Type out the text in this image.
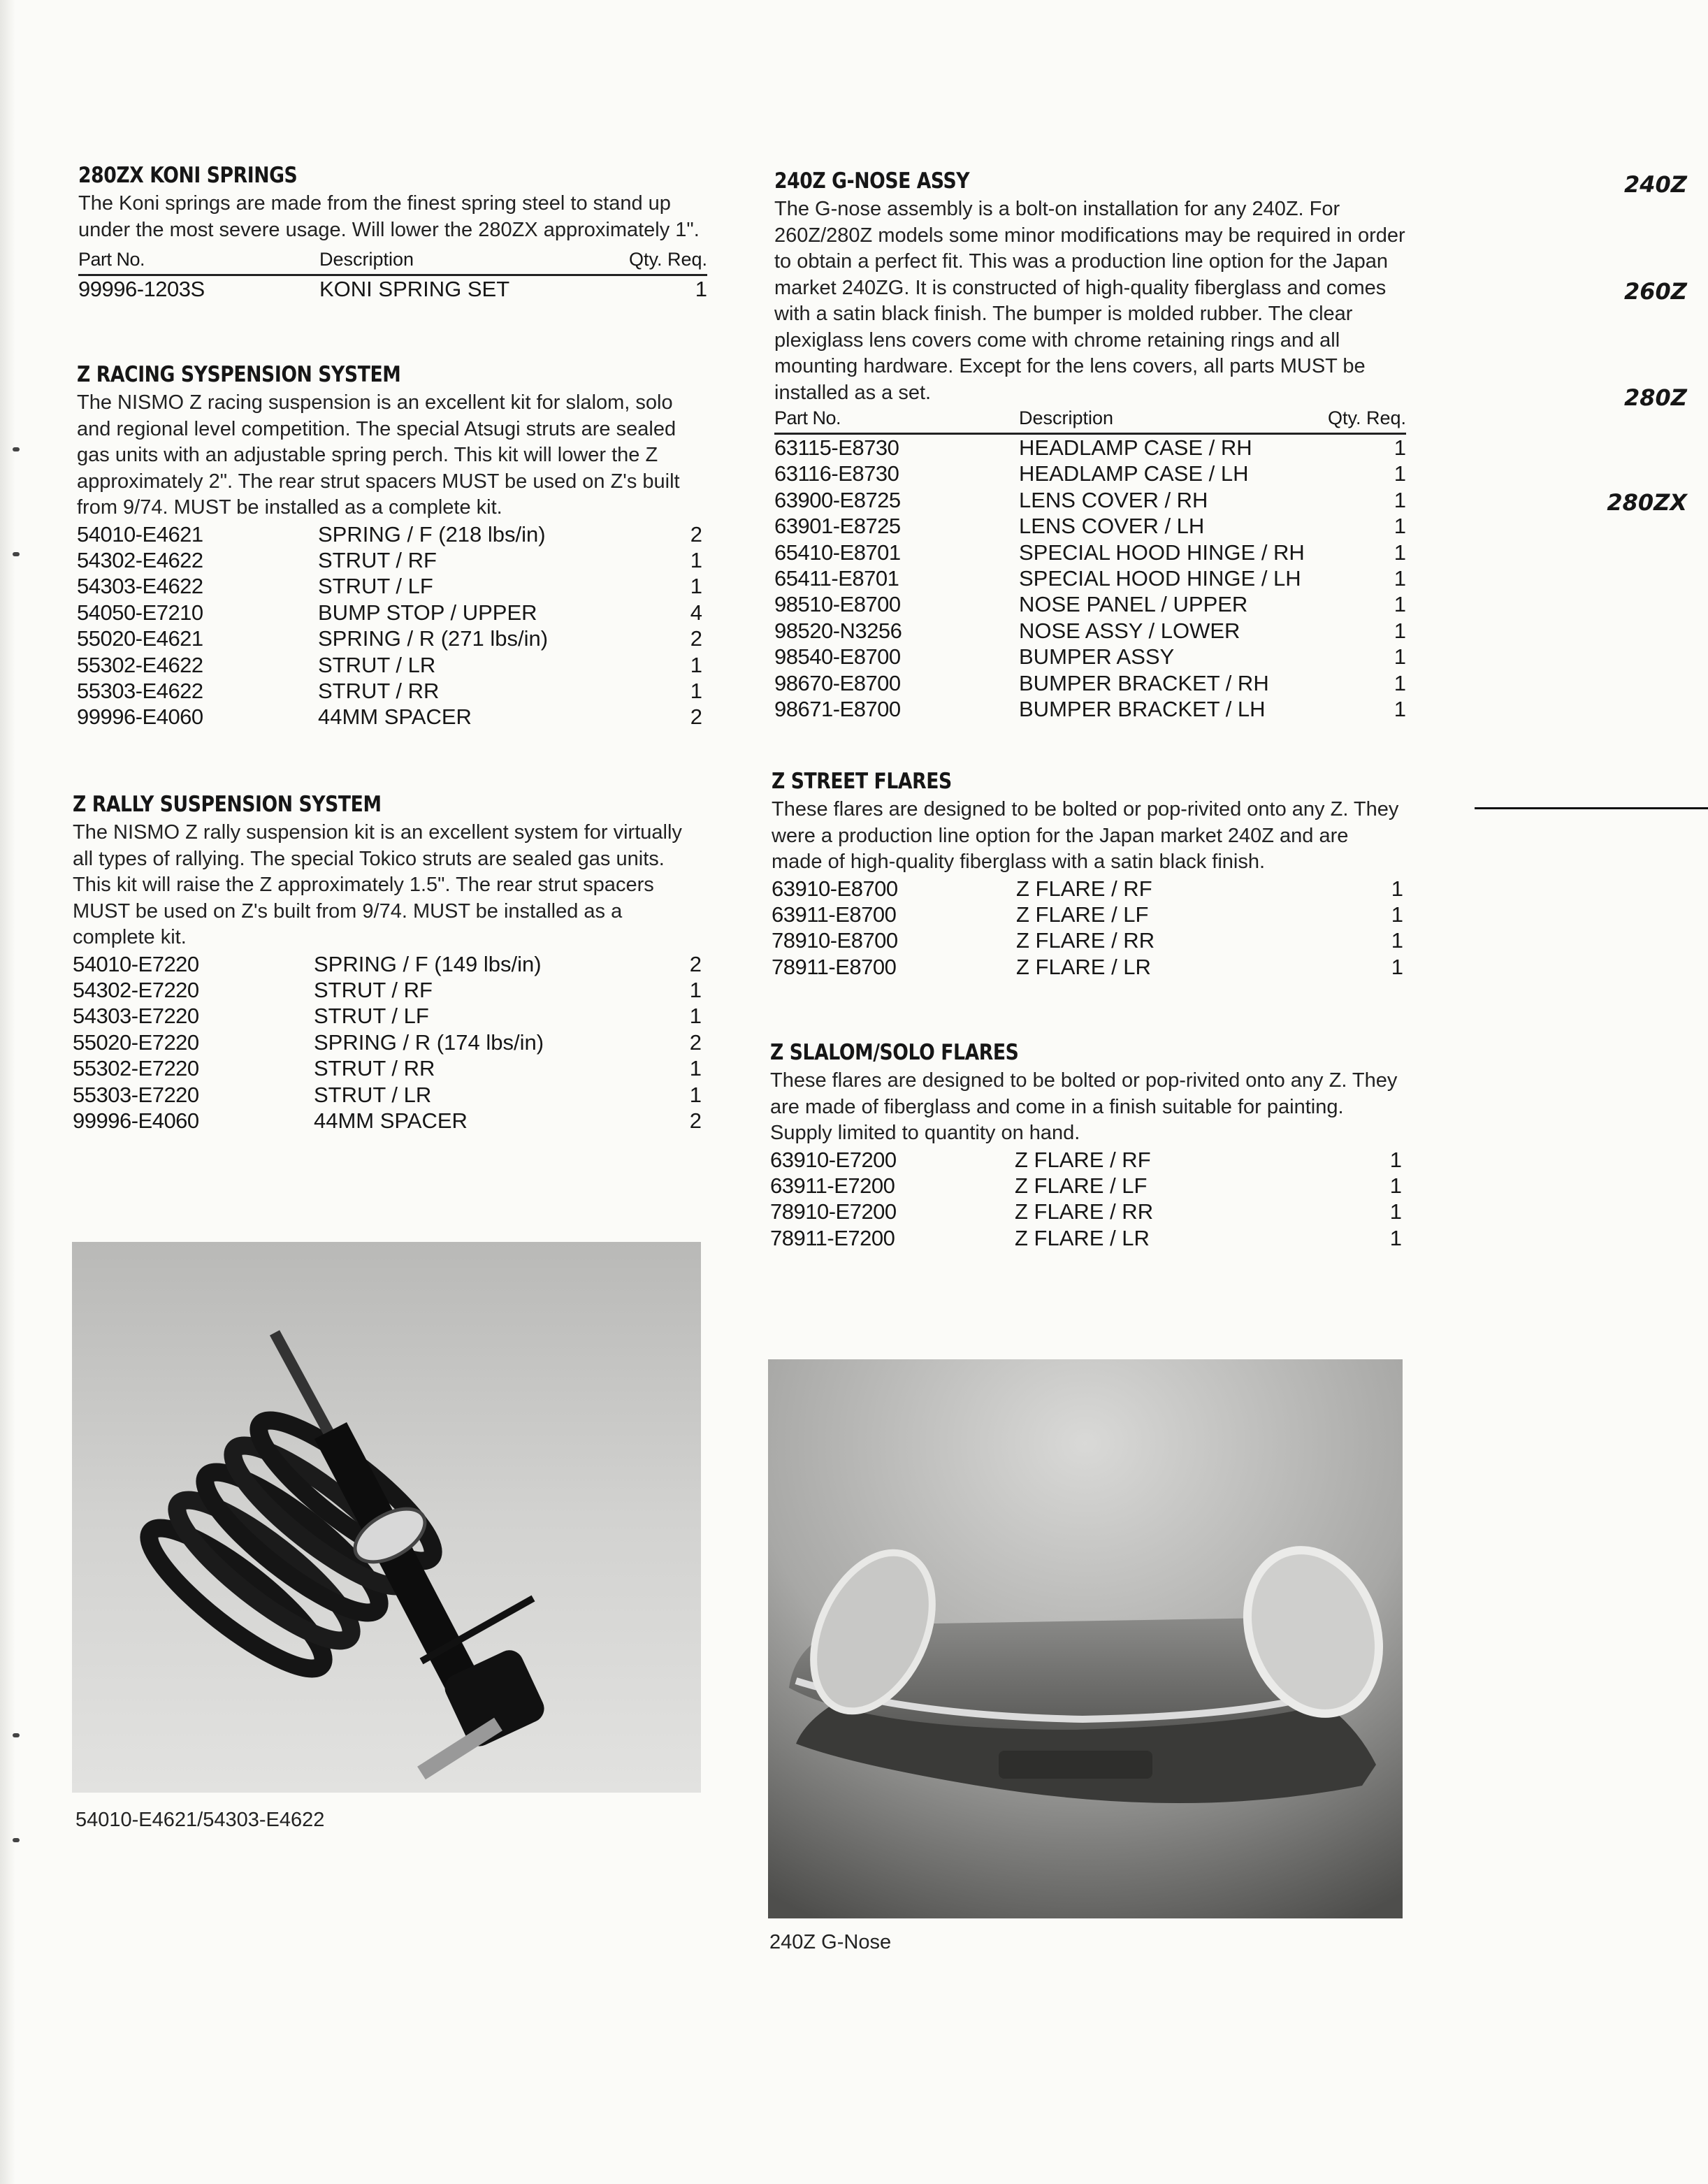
240Z
260Z
280Z
280ZX
280ZX KONI SPRINGS

The Koni springs are made from the finest spring steel to stand up under the most severe usage. Will lower the 280ZX approximately 1".

Part No.	Description	Qty. Req.
99996-1203S	KONI SPRING SET	1
Z RACING SYSPENSION SYSTEM

The NISMO Z racing suspension is an excellent kit for slalom, solo and regional level competition. The special Atsugi struts are sealed gas units with an adjustable spring perch. This kit will lower the Z approximately 2". The rear strut spacers MUST be used on Z's built from 9/74. MUST be installed as a complete kit.

54010-E4621	SPRING / F (218 lbs/in)	2
54302-E4622	STRUT / RF	1
54303-E4622	STRUT / LF	1
54050-E7210	BUMP STOP / UPPER	4
55020-E4621	SPRING / R (271 lbs/in)	2
55302-E4622	STRUT / LR	1
55303-E4622	STRUT / RR	1
99996-E4060	44MM SPACER	2
Z RALLY SUSPENSION SYSTEM

The NISMO Z rally suspension kit is an excellent system for virtually all types of rallying. The special Tokico struts are sealed gas units. This kit will raise the Z approximately 1.5". The rear strut spacers MUST be used on Z's built from 9/74. MUST be installed as a complete kit.

54010-E7220	SPRING / F (149 lbs/in)	2
54302-E7220	STRUT / RF	1
54303-E7220	STRUT / LF	1
55020-E7220	SPRING / R (174 lbs/in)	2
55302-E7220	STRUT / RR	1
55303-E7220	STRUT / LR	1
99996-E4060	44MM SPACER	2
54010-E4621/54303-E4622
240Z G-NOSE ASSY

The G-nose assembly is a bolt-on installation for any 240Z. For 260Z/280Z models some minor modifications may be required in order to obtain a perfect fit. This was a production line option for the Japan market 240ZG. It is constructed of high-quality fiberglass and comes with a satin black finish. The bumper is molded rubber. The clear plexiglass lens covers come with chrome retaining rings and all mounting hardware. Except for the lens covers, all parts MUST be installed as a set.

Part No.	Description	Qty. Req.
63115-E8730	HEADLAMP CASE / RH	1
63116-E8730	HEADLAMP CASE / LH	1
63900-E8725	LENS COVER / RH	1
63901-E8725	LENS COVER / LH	1
65410-E8701	SPECIAL HOOD HINGE / RH	1
65411-E8701	SPECIAL HOOD HINGE / LH	1
98510-E8700	NOSE PANEL / UPPER	1
98520-N3256	NOSE ASSY / LOWER	1
98540-E8700	BUMPER ASSY	1
98670-E8700	BUMPER BRACKET / RH	1
98671-E8700	BUMPER BRACKET / LH	1
Z STREET FLARES

These flares are designed to be bolted or pop-rivited onto any Z. They were a production line option for the Japan market 240Z and are made of high-quality fiberglass with a satin black finish.

63910-E8700	Z FLARE / RF	1
63911-E8700	Z FLARE / LF	1
78910-E8700	Z FLARE / RR	1
78911-E8700	Z FLARE / LR	1
Z SLALOM/SOLO FLARES

These flares are designed to be bolted or pop-rivited onto any Z. They are made of fiberglass and come in a finish suitable for painting. Supply limited to quantity on hand.

63910-E7200	Z FLARE / RF	1
63911-E7200	Z FLARE / LF	1
78910-E7200	Z FLARE / RR	1
78911-E7200	Z FLARE / LR	1
240Z G-Nose
